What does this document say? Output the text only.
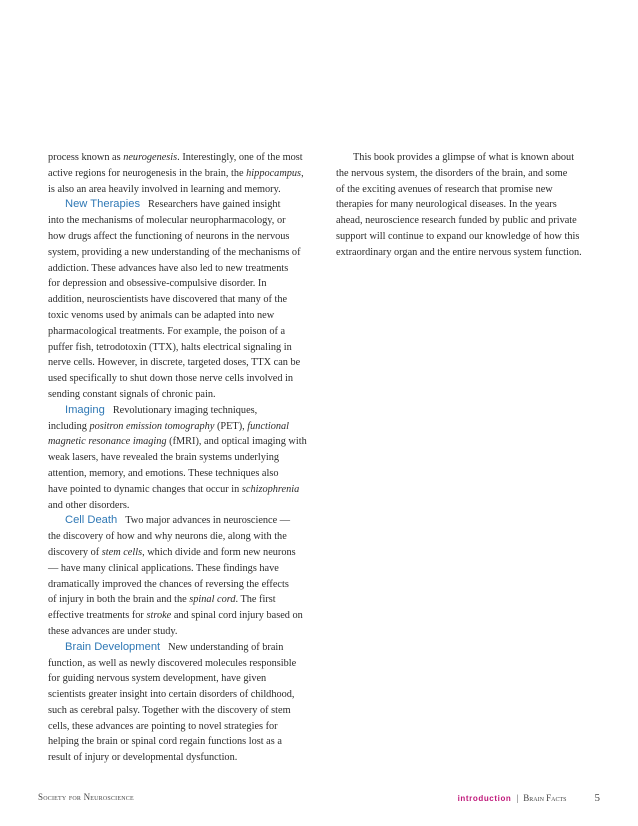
process known as neurogenesis. Interestingly, one of the most
active regions for neurogenesis in the brain, the hippocampus,
is also an area heavily involved in learning and memory.
New Therapies Researchers have gained insight
into the mechanisms of molecular neuropharmacology, or
how drugs affect the functioning of neurons in the nervous
system, providing a new understanding of the mechanisms of
addiction. These advances have also led to new treatments
for depression and obsessive-compulsive disorder. In
addition, neuroscientists have discovered that many of the
toxic venoms used by animals can be adapted into new
pharmacological treatments. For example, the poison of a
puffer fish, tetrodotoxin (TTX), halts electrical signaling in
nerve cells. However, in discrete, targeted doses, TTX can be
used specifically to shut down those nerve cells involved in
sending constant signals of chronic pain.
Imaging Revolutionary imaging techniques,
including positron emission tomography (PET), functional
magnetic resonance imaging (fMRI), and optical imaging with
weak lasers, have revealed the brain systems underlying
attention, memory, and emotions. These techniques also
have pointed to dynamic changes that occur in schizophrenia
and other disorders.
Cell Death Two major advances in neuroscience —
the discovery of how and why neurons die, along with the
discovery of stem cells, which divide and form new neurons
— have many clinical applications. These findings have
dramatically improved the chances of reversing the effects
of injury in both the brain and the spinal cord. The first
effective treatments for stroke and spinal cord injury based on
these advances are under study.
Brain Development New understanding of brain
function, as well as newly discovered molecules responsible
for guiding nervous system development, have given
scientists greater insight into certain disorders of childhood,
such as cerebral palsy. Together with the discovery of stem
cells, these advances are pointing to novel strategies for
helping the brain or spinal cord regain functions lost as a
result of injury or developmental dysfunction.
This book provides a glimpse of what is known about
the nervous system, the disorders of the brain, and some
of the exciting avenues of research that promise new
therapies for many neurological diseases. In the years
ahead, neuroscience research funded by public and private
support will continue to expand our knowledge of how this
extraordinary organ and the entire nervous system function.
Society for Neuroscience	introduction | Brain Facts	5
